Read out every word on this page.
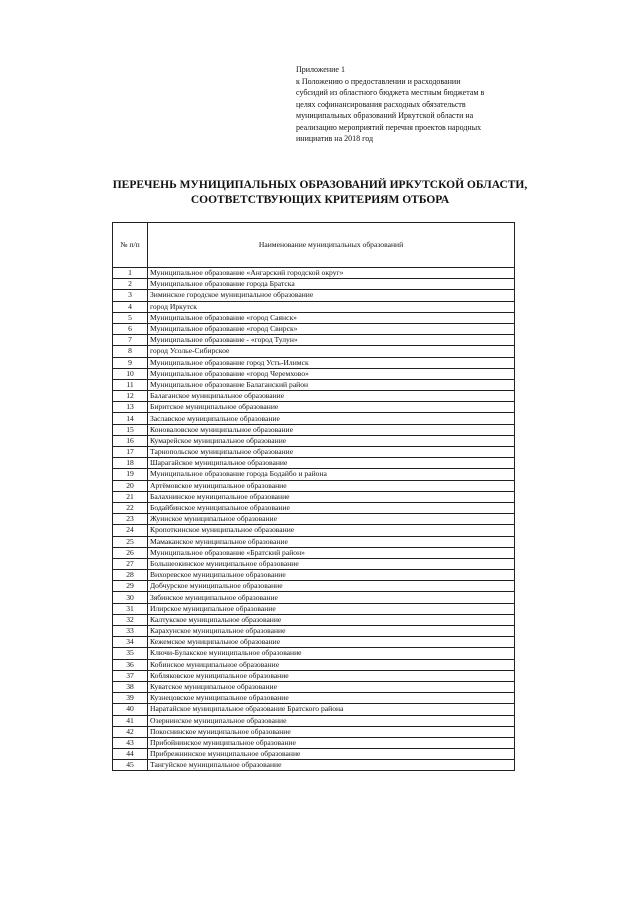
Приложение 1
к Положению о предоставлении и расходовании
субсидий из областного бюджета местным бюджетам в
целях софинансирования расходных обязательств
муниципальных образований Иркутской области на
реализацию мероприятий перечня проектов народных
инициатив на 2018 год
ПЕРЕЧЕНЬ МУНИЦИПАЛЬНЫХ ОБРАЗОВАНИЙ ИРКУТСКОЙ ОБЛАСТИ,
СООТВЕТСТВУЮЩИХ КРИТЕРИЯМ ОТБОРА
№ п/п	Наименование муниципальных образований
1	Муниципальное образование «Ангарский городской округ»
2	Муниципальное образование города Братска
3	Зиминское городское муниципальное образование
4	город Иркутск
5	Муниципальное образование «город Саянск»
6	Муниципальное образование «город Свирск»
7	Муниципальное образование - «город Тулун»
8	город Усолье-Сибирское
9	Муниципальное образование город Усть-Илимск
10	Муниципальное образование «город Черемхово»
11	Муниципальное образование Балаганский район
12	Балаганское муниципальное образование
13	Биритское муниципальное образование
14	Заславское муниципальное образование
15	Коноваловское муниципальное образование
16	Кумарейское муниципальное образование
17	Тарнопольское муниципальное образование
18	Шарагайское муниципальное образование
19	Муниципальное образование города Бодайбо и района
20	Артёмовское муниципальное образование
21	Балахнинское муниципальное образование
22	Бодайбинское муниципальное образование
23	Жуинское муниципальное образование
24	Кропоткинское муниципальное образование
25	Мамаканское муниципальное образование
26	Муниципальное образование «Братский район»
27	Большеокинское муниципальное образование
28	Вихоревское муниципальное образование
29	Добчурское муниципальное образование
30	Зябинское муниципальное образование
31	Илирское муниципальное образование
32	Калтукское муниципальное образование
33	Карахунское муниципальное образование
34	Кежемское муниципальное образование
35	Ключи-Булакское муниципальное образование
36	Кобинское муниципальное образование
37	Кобляковское муниципальное образование
38	Куватское муниципальное образование
39	Кузнецовское муниципальное образование
40	Наратайское муниципальное образование Братского района
41	Озернинское муниципальное образование
42	Покоснинское муниципальное образование
43	Прибойнинское муниципальное образование
44	Прибрежнинское муниципальное образование
45	Тангуйское муниципальное образование
